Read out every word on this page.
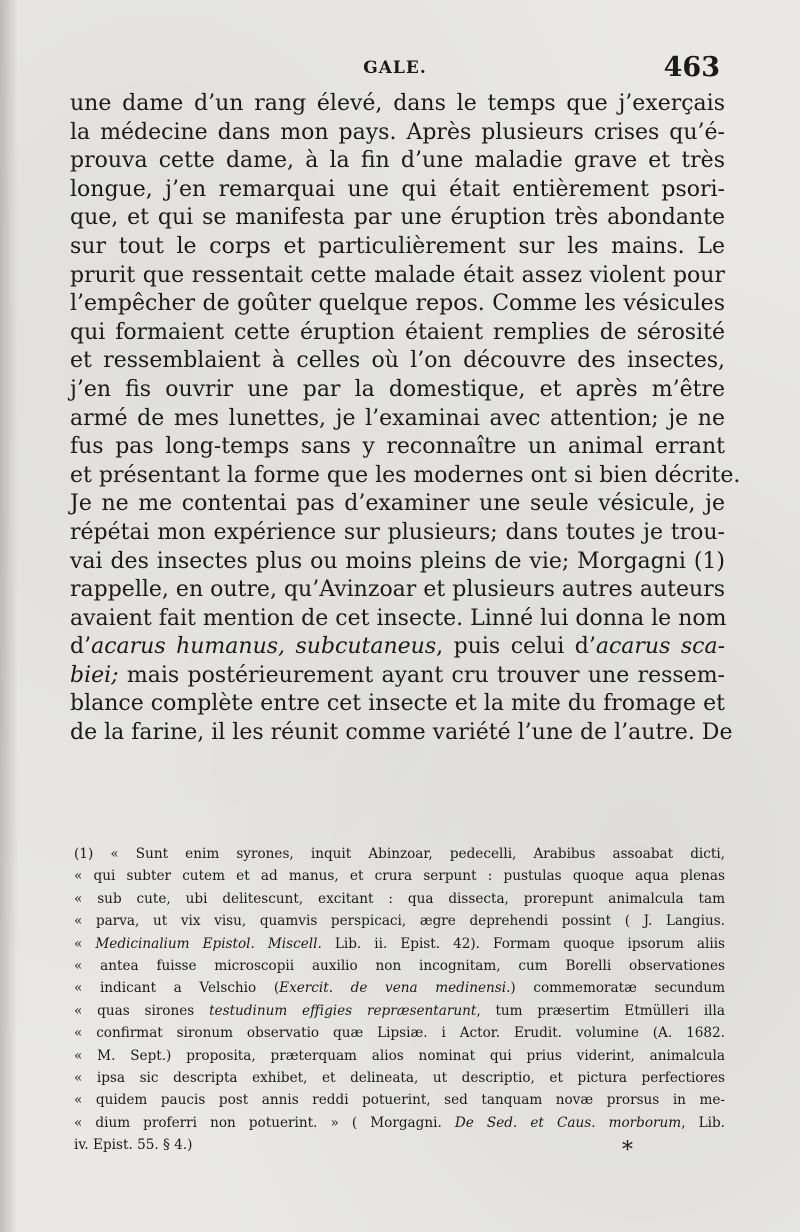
GALE.	463
une dame d’un rang élevé, dans le temps que j’exerçais
la médecine dans mon pays. Après plusieurs crises qu’é-
prouva cette dame, à la fin d’une maladie grave et très
longue, j’en remarquai une qui était entièrement psori-
que, et qui se manifesta par une éruption très abondante
sur tout le corps et particulièrement sur les mains. Le
prurit que ressentait cette malade était assez violent pour
l’empêcher de goûter quelque repos. Comme les vésicules
qui formaient cette éruption étaient remplies de sérosité
et ressemblaient à celles où l’on découvre des insectes,
j’en fis ouvrir une par la domestique, et après m’être
armé de mes lunettes, je l’examinai avec attention; je ne
fus pas long-temps sans y reconnaître un animal errant
et présentant la forme que les modernes ont si bien décrite.
Je ne me contentai pas d’examiner une seule vésicule, je
répétai mon expérience sur plusieurs; dans toutes je trou-
vai des insectes plus ou moins pleins de vie; Morgagni (1)
rappelle, en outre, qu’Avinzoar et plusieurs autres auteurs
avaient fait mention de cet insecte. Linné lui donna le nom
d’acarus humanus, subcutaneus, puis celui d’acarus sca-
biei; mais postérieurement ayant cru trouver une ressem-
blance complète entre cet insecte et la mite du fromage et
de la farine, il les réunit comme variété l’une de l’autre. De
(1) « Sunt enim syrones, inquit Abinzoar, pedecelli, Arabibus assoabat dicti,
« qui subter cutem et ad manus, et crura serpunt : pustulas quoque aqua plenas
« sub cute, ubi delitescunt, excitant : qua dissecta, prorepunt animalcula tam
« parva, ut vix visu, quamvis perspicaci, ægre deprehendi possint ( J. Langius.
« Medicinalium Epistol. Miscell. Lib. ii. Epist. 42). Formam quoque ipsorum aliis
« antea fuisse microscopii auxilio non incognitam, cum Borelli observationes
« indicant a Velschio (Exercit. de vena medinensi.) commemoratæ secundum
« quas sirones testudinum effigies repræsentarunt, tum præsertim Etmülleri illa
« confirmat sironum observatio quæ Lipsiæ. i Actor. Erudit. volumine (A. 1682.
« M. Sept.) proposita, præterquam alios nominat qui prius viderint, animalcula
« ipsa sic descripta exhibet, et delineata, ut descriptio, et pictura perfectiores
« quidem paucis post annis reddi potuerint, sed tanquam novæ prorsus in me-
« dium proferri non potuerint. » ( Morgagni. De Sed. et Caus. morborum, Lib.
iv. Epist. 55. § 4.)	*
